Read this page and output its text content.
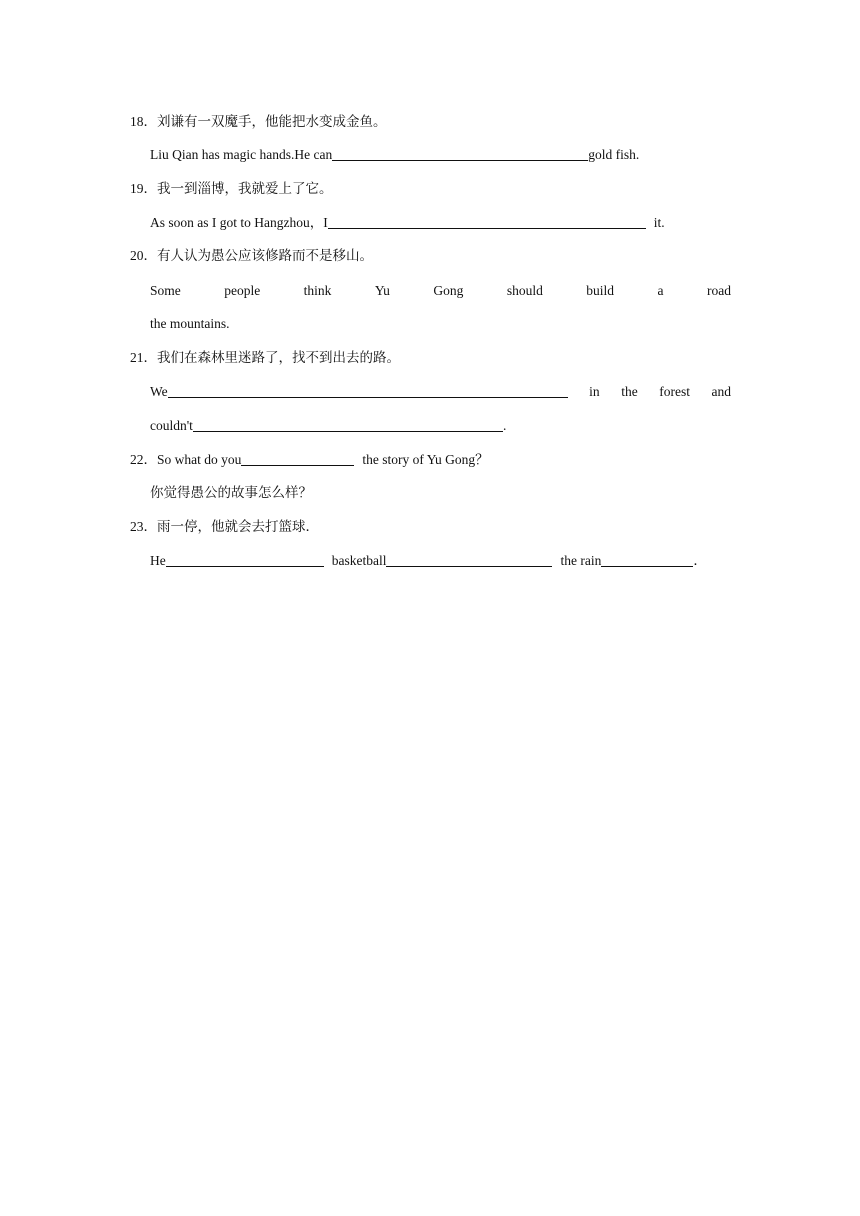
18．刘谦有一双魔手，他能把水变成金鱼。
Liu Qian has magic hands.He can	gold fish.
19．我一到淄博，我就爱上了它。
As soon as I got to Hangzhou，I	it.
20．有人认为愚公应该修路而不是移山。
Some	people	think	Yu	Gong	should	build	a	road
the mountains.
21．我们在森林里迷路了，找不到出去的路。
We	in the forest and
couldn't	.
22．So what do you	the story of Yu Gong？
你觉得愚公的故事怎么样？
23．雨一停，他就会去打篮球．
He	basketball	the rain	．
